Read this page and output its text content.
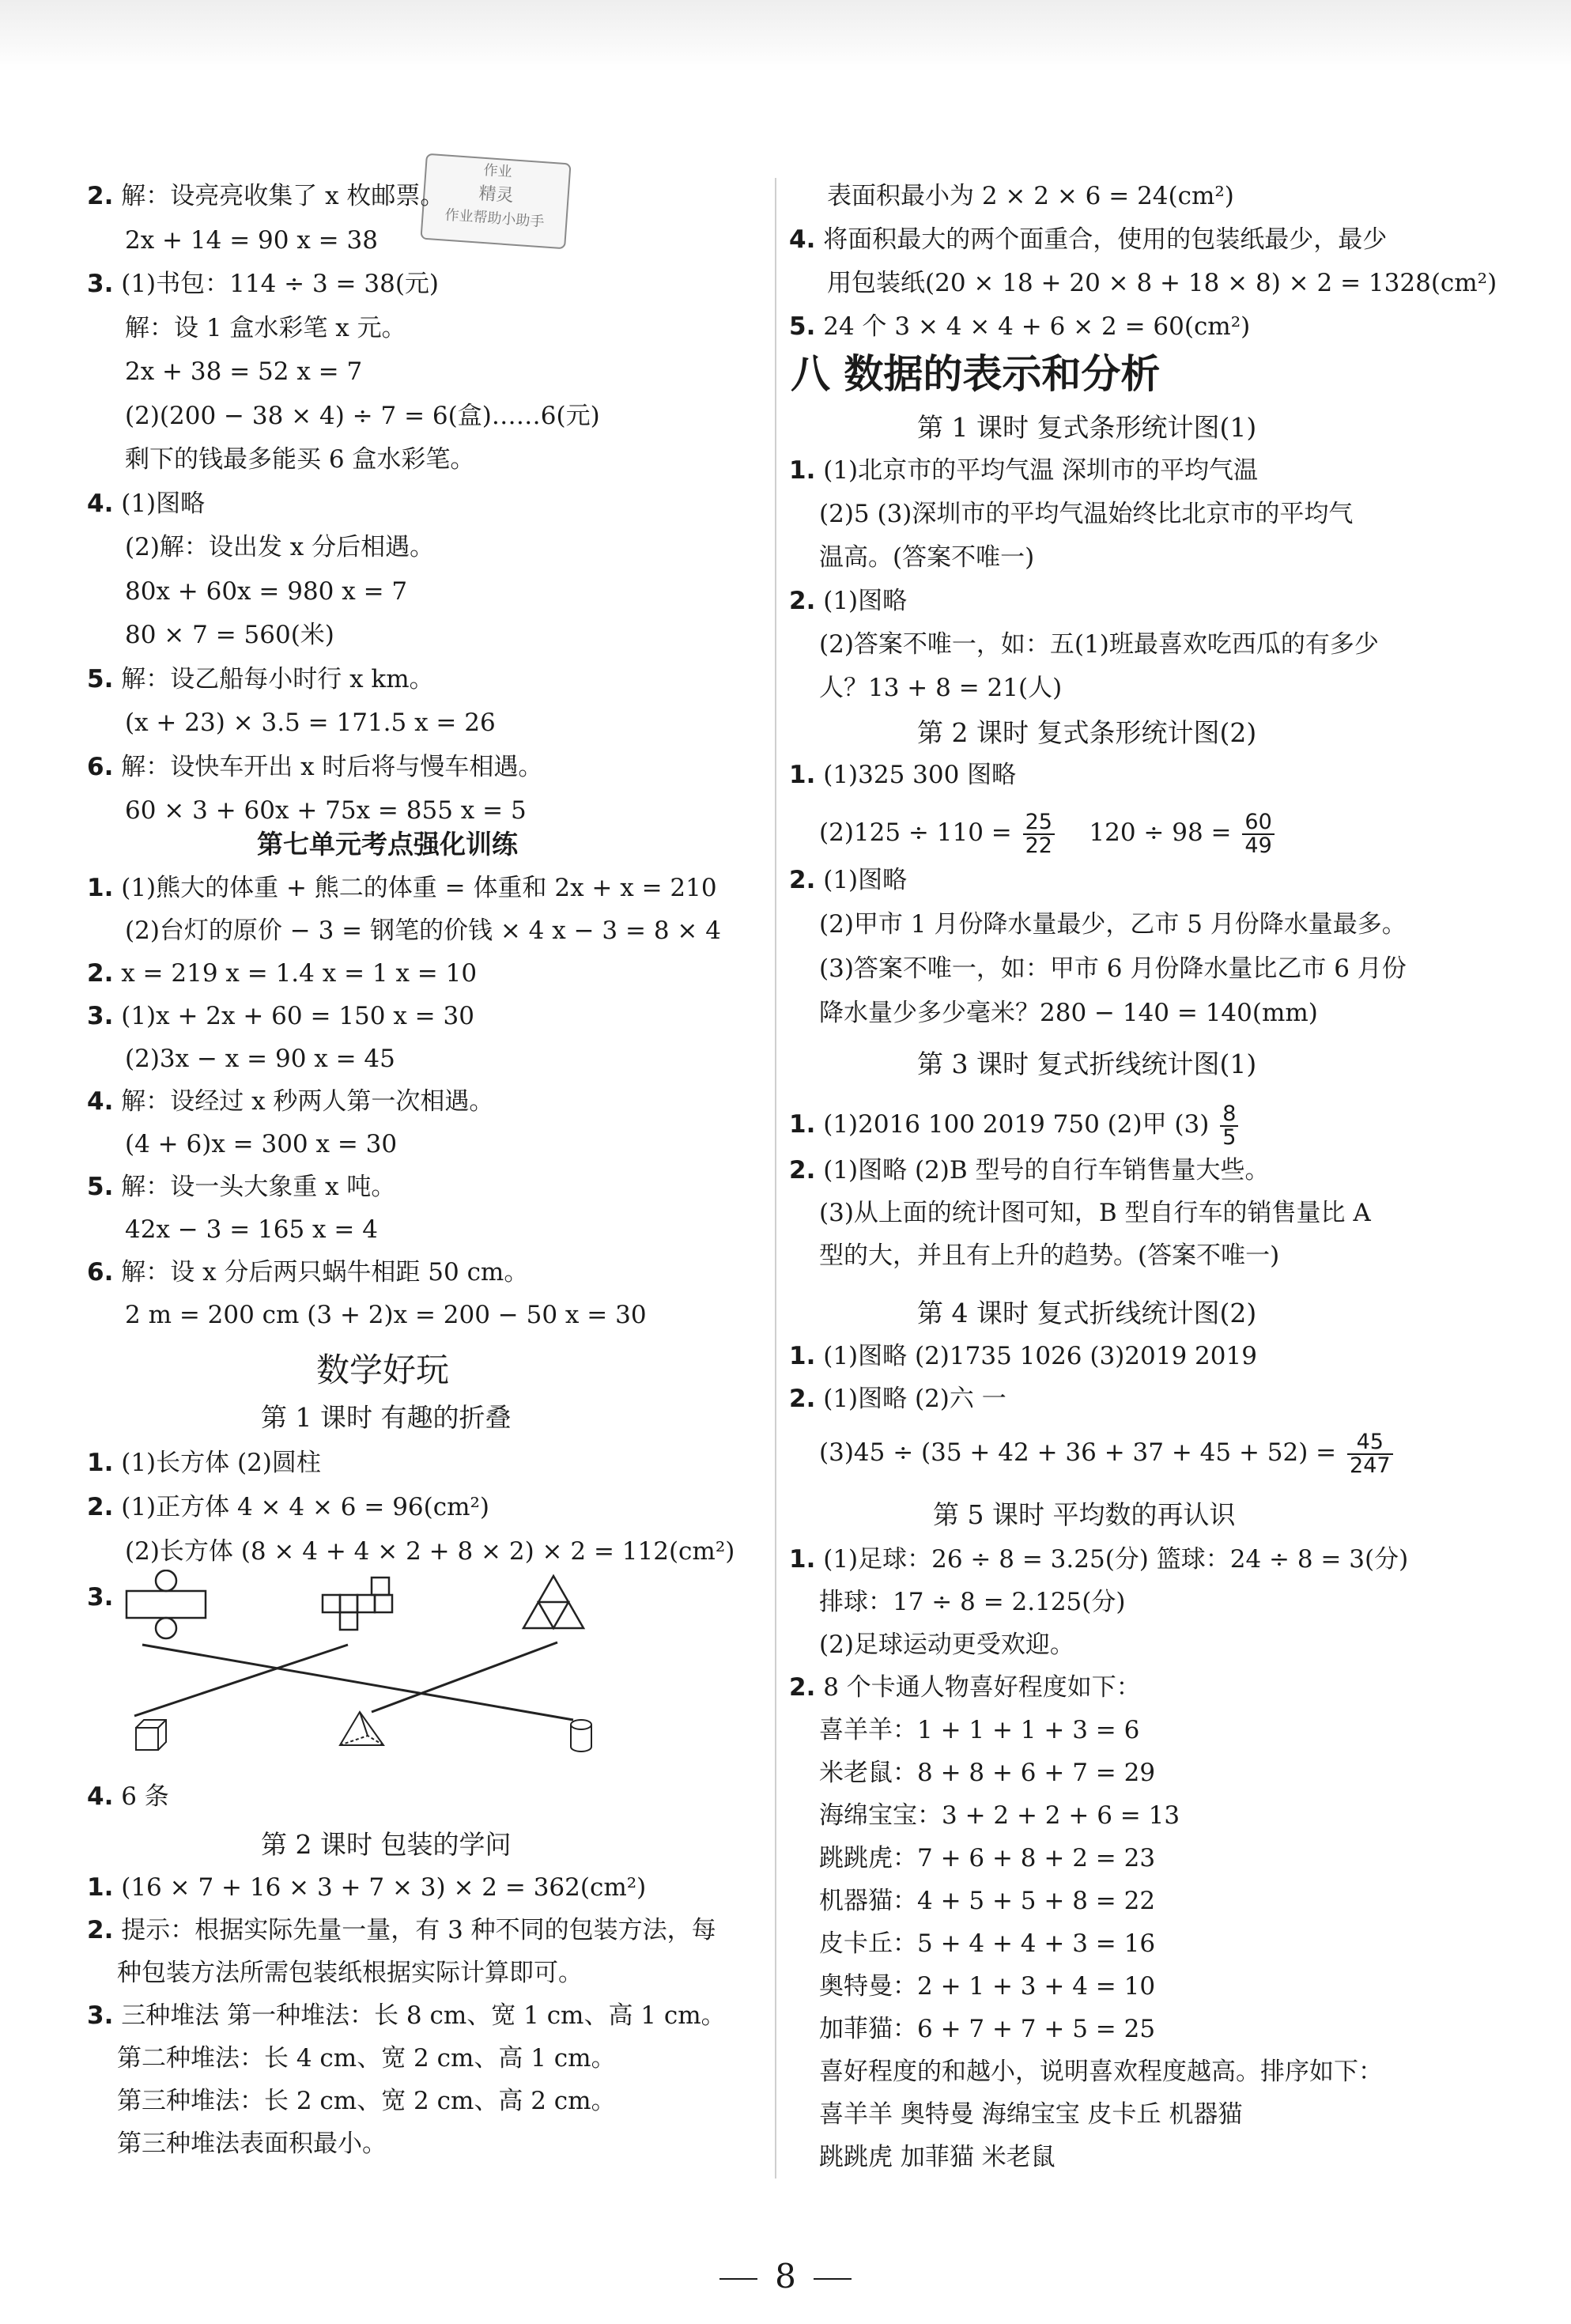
作业
精灵
作业帮助小助手
2. 解：设亮亮收集了 x 枚邮票。
2x + 14 = 90 x = 38
3. (1)书包：114 ÷ 3 = 38(元)
解：设 1 盒水彩笔 x 元。
2x + 38 = 52 x = 7
(2)(200 − 38 × 4) ÷ 7 = 6(盒)……6(元)
剩下的钱最多能买 6 盒水彩笔。
4. (1)图略
(2)解：设出发 x 分后相遇。
80x + 60x = 980 x = 7
80 × 7 = 560(米)
5. 解：设乙船每小时行 x km。
(x + 23) × 3.5 = 171.5 x = 26
6. 解：设快车开出 x 时后将与慢车相遇。
60 × 3 + 60x + 75x = 855 x = 5
第七单元考点强化训练
1. (1)熊大的体重 + 熊二的体重 = 体重和 2x + x = 210
(2)台灯的原价 − 3 = 钢笔的价钱 × 4 x − 3 = 8 × 4
2. x = 219 x = 1.4 x = 1 x = 10
3. (1)x + 2x + 60 = 150 x = 30
(2)3x − x = 90 x = 45
4. 解：设经过 x 秒两人第一次相遇。
(4 + 6)x = 300 x = 30
5. 解：设一头大象重 x 吨。
42x − 3 = 165 x = 4
6. 解：设 x 分后两只蜗牛相距 50 cm。
2 m = 200 cm (3 + 2)x = 200 − 50 x = 30
数学好玩
第 1 课时 有趣的折叠
1. (1)长方体 (2)圆柱
2. (1)正方体 4 × 4 × 6 = 96(cm²)
(2)长方体 (8 × 4 + 4 × 2 + 8 × 2) × 2 = 112(cm²)
3.
4. 6 条
第 2 课时 包装的学问
1. (16 × 7 + 16 × 3 + 7 × 3) × 2 = 362(cm²)
2. 提示：根据实际先量一量，有 3 种不同的包装方法，每
种包装方法所需包装纸根据实际计算即可。
3. 三种堆法 第一种堆法：长 8 cm、宽 1 cm、高 1 cm。
第二种堆法：长 4 cm、宽 2 cm、高 1 cm。
第三种堆法：长 2 cm、宽 2 cm、高 2 cm。
第三种堆法表面积最小。
表面积最小为 2 × 2 × 6 = 24(cm²)
4. 将面积最大的两个面重合，使用的包装纸最少，最少
用包装纸(20 × 18 + 20 × 8 + 18 × 8) × 2 = 1328(cm²)
5. 24 个 3 × 4 × 4 + 6 × 2 = 60(cm²)
八 数据的表示和分析
第 1 课时 复式条形统计图(1)
1. (1)北京市的平均气温 深圳市的平均气温
(2)5 (3)深圳市的平均气温始终比北京市的平均气
温高。(答案不唯一)
2. (1)图略
(2)答案不唯一，如：五(1)班最喜欢吃西瓜的有多少
人？13 + 8 = 21(人)
第 2 课时 复式条形统计图(2)
1. (1)325 300 图略
$(2)125 \div 110 = \frac{25}{22} 120 \div 98 = \frac{60}{49}$
2. (1)图略
(2)甲市 1 月份降水量最少，乙市 5 月份降水量最多。
(3)答案不唯一，如：甲市 6 月份降水量比乙市 6 月份
降水量少多少毫米？280 − 140 = 140(mm)
第 3 课时 复式折线统计图(1)
1. (1)2016 100 2019 750 (2)甲 $(3) \frac{8}{5}$
2. (1)图略 (2)B 型号的自行车销售量大些。
(3)从上面的统计图可知，B 型自行车的销售量比 A
型的大，并且有上升的趋势。(答案不唯一)
第 4 课时 复式折线统计图(2)
1. (1)图略 (2)1735 1026 (3)2019 2019
2. (1)图略 (2)六 一
$(3)45 \div (35 + 42 + 36 + 37 + 45 + 52) = \frac{45}{247}$
第 5 课时 平均数的再认识
1. (1)足球：26 ÷ 8 = 3.25(分) 篮球：24 ÷ 8 = 3(分)
排球：17 ÷ 8 = 2.125(分)
(2)足球运动更受欢迎。
2. 8 个卡通人物喜好程度如下：
喜羊羊：1 + 1 + 1 + 3 = 6
米老鼠：8 + 8 + 6 + 7 = 29
海绵宝宝：3 + 2 + 2 + 6 = 13
跳跳虎：7 + 6 + 8 + 2 = 23
机器猫：4 + 5 + 5 + 8 = 22
皮卡丘：5 + 4 + 4 + 3 = 16
奥特曼：2 + 1 + 3 + 4 = 10
加菲猫：6 + 7 + 7 + 5 = 25
喜好程度的和越小，说明喜欢程度越高。排序如下：
喜羊羊 奥特曼 海绵宝宝 皮卡丘 机器猫
跳跳虎 加菲猫 米老鼠
8
